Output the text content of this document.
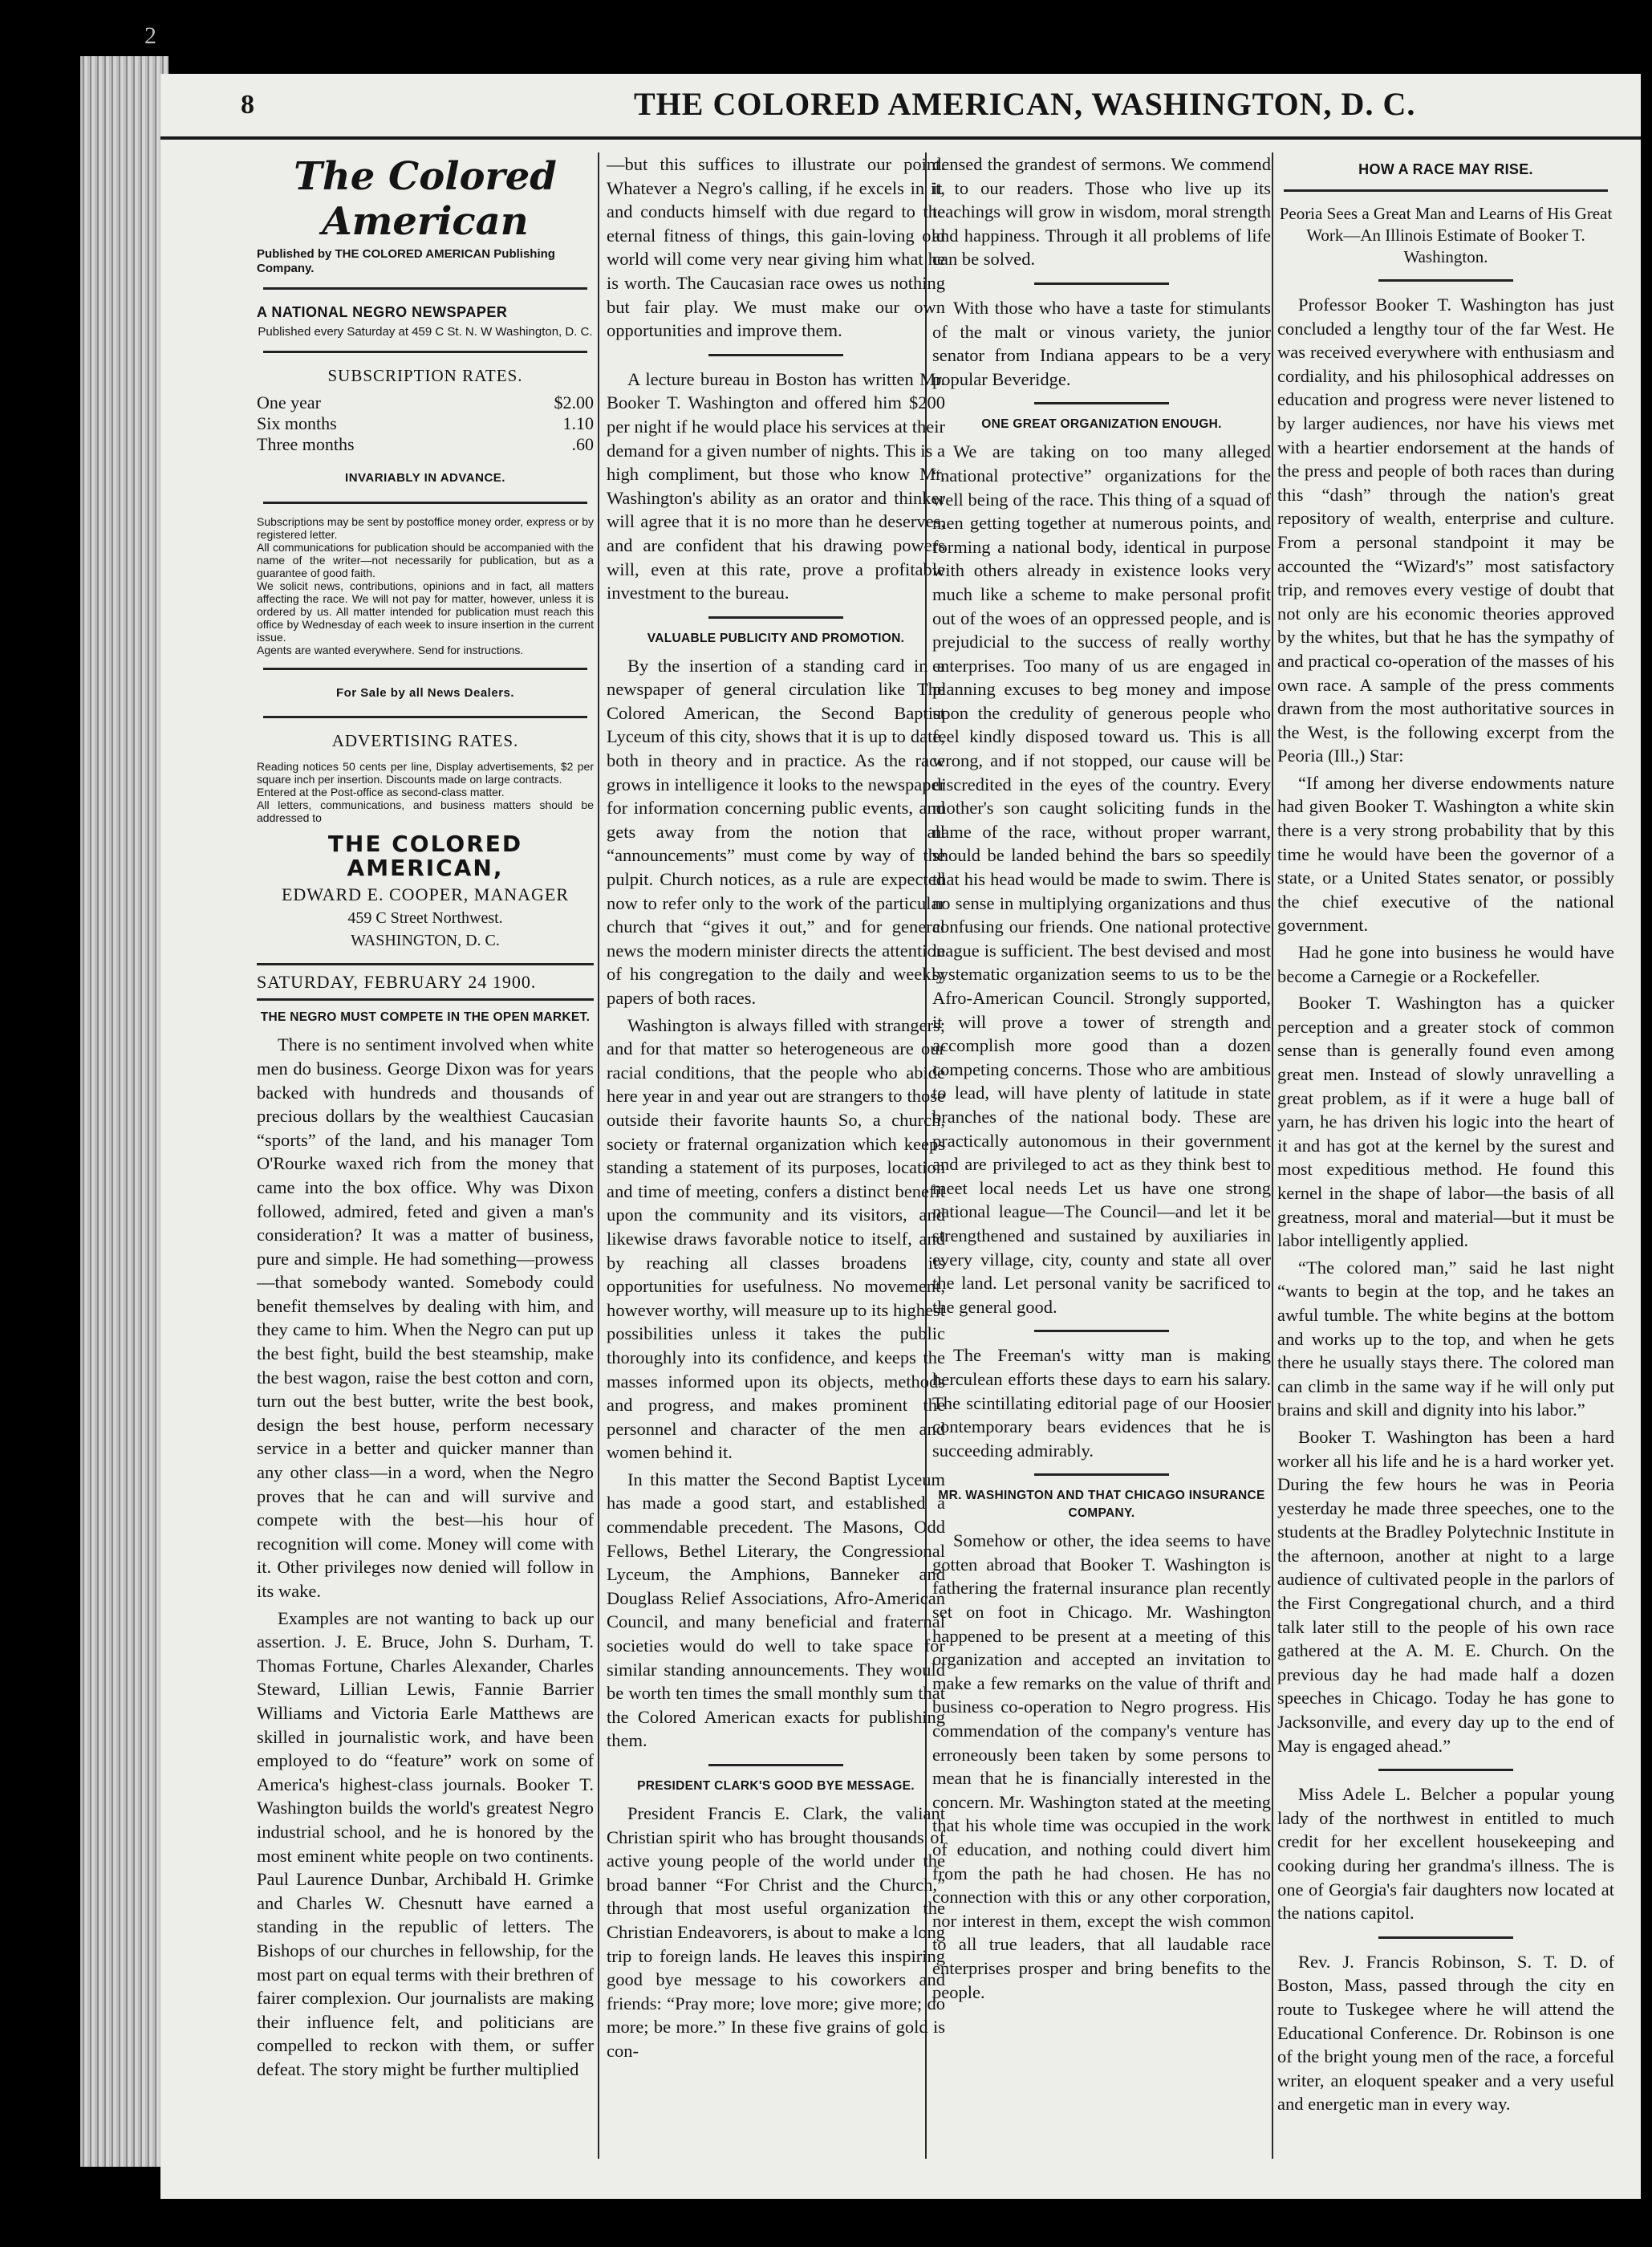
2
8	THE COLORED AMERICAN, WASHINGTON, D. C.
The Colored American
Published by THE COLORED AMERICAN Publishing Company.
A NATIONAL NEGRO NEWSPAPER
Published every Saturday at 459 C St. N. W Washington, D. C.
SUBSCRIPTION RATES.
One year	$2.00
Six months	1.10
Three months	.60
INVARIABLY IN ADVANCE.

Subscriptions may be sent by postoffice money order, express or by registered letter.

All communications for publication should be accompanied with the name of the writer—not necessarily for publication, but as a guarantee of good faith.

We solicit news, contributions, opinions and in fact, all matters affecting the race. We will not pay for matter, however, unless it is ordered by us. All matter intended for publication must reach this office by Wednesday of each week to insure insertion in the current issue.

Agents are wanted everywhere. Send for instructions.

For Sale by all News Dealers.
ADVERTISING RATES.

Reading notices 50 cents per line, Display advertisements, $2 per square inch per insertion. Discounts made on large contracts.

Entered at the Post-office as second-class matter.

All letters, communications, and business matters should be addressed to

THE COLORED AMERICAN,
EDWARD E. COOPER, MANAGER
459 C Street Northwest.
WASHINGTON, D. C.
SATURDAY, FEBRUARY 24 1900.
THE NEGRO MUST COMPETE IN THE OPEN MARKET.

There is no sentiment involved when white men do business. George Dixon was for years backed with hundreds and thousands of precious dollars by the wealthiest Caucasian “sports” of the land, and his manager Tom O'Rourke waxed rich from the money that came into the box office. Why was Dixon followed, admired, feted and given a man's consideration? It was a matter of business, pure and simple. He had something—prowess—that somebody wanted. Somebody could benefit themselves by dealing with him, and they came to him. When the Negro can put up the best fight, build the best steamship, make the best wagon, raise the best cotton and corn, turn out the best butter, write the best book, design the best house, perform necessary service in a better and quicker manner than any other class—in a word, when the Negro proves that he can and will survive and compete with the best—his hour of recognition will come. Money will come with it. Other privileges now denied will follow in its wake.

Examples are not wanting to back up our assertion. J. E. Bruce, John S. Durham, T. Thomas Fortune, Charles Alexander, Charles Steward, Lillian Lewis, Fannie Barrier Williams and Victoria Earle Matthews are skilled in journalistic work, and have been employed to do “feature” work on some of America's highest-class journals. Booker T. Washington builds the world's greatest Negro industrial school, and he is honored by the most eminent white people on two continents. Paul Laurence Dunbar, Archibald H. Grimke and Charles W. Chesnutt have earned a standing in the republic of letters. The Bishops of our churches in fellowship, for the most part on equal terms with their brethren of fairer complexion. Our journalists are making their influence felt, and politicians are compelled to reckon with them, or suffer defeat. The story might be further multiplied

—but this suffices to illustrate our point. Whatever a Negro's calling, if he excels in it, and conducts himself with due regard to the eternal fitness of things, this gain-loving old world will come very near giving him what he is worth. The Caucasian race owes us nothing but fair play. We must make our own opportunities and improve them.

A lecture bureau in Boston has written Mr. Booker T. Washington and offered him $200 per night if he would place his services at their demand for a given number of nights. This is a high compliment, but those who know Mr. Washington's ability as an orator and thinker will agree that it is no more than he deserves, and are confident that his drawing powers will, even at this rate, prove a profitable investment to the bureau.

VALUABLE PUBLICITY AND PROMOTION.

By the insertion of a standing card in a newspaper of general circulation like The Colored American, the Second Baptist Lyceum of this city, shows that it is up to date, both in theory and in practice. As the race grows in intelligence it looks to the newspaper for information concerning public events, and gets away from the notion that all “announcements” must come by way of the pulpit. Church notices, as a rule are expected now to refer only to the work of the particular church that “gives it out,” and for general news the modern minister directs the attention of his congregation to the daily and weekly papers of both races.

Washington is always filled with strangers; and for that matter so heterogeneous are our racial conditions, that the people who abide here year in and year out are strangers to those outside their favorite haunts So, a church, society or fraternal organization which keeps standing a statement of its purposes, location and time of meeting, confers a distinct benefit upon the community and its visitors, and likewise draws favorable notice to itself, and by reaching all classes broadens its opportunities for usefulness. No movement, however worthy, will measure up to its highest possibilities unless it takes the public thoroughly into its confidence, and keeps the masses informed upon its objects, methods and progress, and makes prominent the personnel and character of the men and women behind it.

In this matter the Second Baptist Lyceum has made a good start, and established a commendable precedent. The Masons, Odd Fellows, Bethel Literary, the Congressional Lyceum, the Amphions, Banneker and Douglass Relief Associations, Afro-American Council, and many beneficial and fraternal societies would do well to take space for similar standing announcements. They would be worth ten times the small monthly sum that the Colored American exacts for publishing them.

PRESIDENT CLARK'S GOOD BYE MESSAGE.

President Francis E. Clark, the valiant Christian spirit who has brought thousands of active young people of the world under the broad banner “For Christ and the Church,” through that most useful organization the Christian Endeavorers, is about to make a long trip to foreign lands. He leaves this inspiring good bye message to his coworkers and friends: “Pray more; love more; give more; do more; be more.” In these five grains of gold is con-

densed the grandest of sermons. We commend it to our readers. Those who live up its teachings will grow in wisdom, moral strength and happiness. Through it all problems of life can be solved.

With those who have a taste for stimulants of the malt or vinous variety, the junior senator from Indiana appears to be a very popular Beveridge.

ONE GREAT ORGANIZATION ENOUGH.

We are taking on too many alleged “national protective” organizations for the well being of the race. This thing of a squad of men getting together at numerous points, and forming a national body, identical in purpose with others already in existence looks very much like a scheme to make personal profit out of the woes of an oppressed people, and is prejudicial to the success of really worthy enterprises. Too many of us are engaged in planning excuses to beg money and impose upon the credulity of generous people who feel kindly disposed toward us. This is all wrong, and if not stopped, our cause will be discredited in the eyes of the country. Every mother's son caught soliciting funds in the name of the race, without proper warrant, should be landed behind the bars so speedily that his head would be made to swim. There is no sense in multiplying organizations and thus confusing our friends. One national protective league is sufficient. The best devised and most systematic organization seems to us to be the Afro-American Council. Strongly supported, it will prove a tower of strength and accomplish more good than a dozen competing concerns. Those who are ambitious to lead, will have plenty of latitude in state branches of the national body. These are practically autonomous in their government and are privileged to act as they think best to meet local needs Let us have one strong national league—The Council—and let it be strengthened and sustained by auxiliaries in every village, city, county and state all over the land. Let personal vanity be sacrificed to the general good.

The Freeman's witty man is making herculean efforts these days to earn his salary. The scintillating editorial page of our Hoosier contemporary bears evidences that he is succeeding admirably.

MR. WASHINGTON AND THAT CHICAGO INSURANCE COMPANY.

Somehow or other, the idea seems to have gotten abroad that Booker T. Washington is fathering the fraternal insurance plan recently set on foot in Chicago. Mr. Washington happened to be present at a meeting of this organization and accepted an invitation to make a few remarks on the value of thrift and business co-operation to Negro progress. His commendation of the company's venture has erroneously been taken by some persons to mean that he is financially interested in the concern. Mr. Washington stated at the meeting that his whole time was occupied in the work of education, and nothing could divert him from the path he had chosen. He has no connection with this or any other corporation, nor interest in them, except the wish common to all true leaders, that all laudable race enterprises prosper and bring benefits to the people.

HOW A RACE MAY RISE.

Peoria Sees a Great Man and Learns of His Great Work—An Illinois Estimate of Booker T. Washington.

Professor Booker T. Washington has just concluded a lengthy tour of the far West. He was received everywhere with enthusiasm and cordiality, and his philosophical addresses on education and progress were never listened to by larger audiences, nor have his views met with a heartier endorsement at the hands of the press and people of both races than during this “dash” through the nation's great repository of wealth, enterprise and culture. From a personal standpoint it may be accounted the “Wizard's” most satisfactory trip, and removes every vestige of doubt that not only are his economic theories approved by the whites, but that he has the sympathy of and practical co-operation of the masses of his own race. A sample of the press comments drawn from the most authoritative sources in the West, is the following excerpt from the Peoria (Ill.,) Star:

“If among her diverse endowments nature had given Booker T. Washington a white skin there is a very strong probability that by this time he would have been the governor of a state, or a United States senator, or possibly the chief executive of the national government.

Had he gone into business he would have become a Carnegie or a Rockefeller.

Booker T. Washington has a quicker perception and a greater stock of common sense than is generally found even among great men. Instead of slowly unravelling a great problem, as if it were a huge ball of yarn, he has driven his logic into the heart of it and has got at the kernel by the surest and most expeditious method. He found this kernel in the shape of labor—the basis of all greatness, moral and material—but it must be labor intelligently applied.

“The colored man,” said he last night “wants to begin at the top, and he takes an awful tumble. The white begins at the bottom and works up to the top, and when he gets there he usually stays there. The colored man can climb in the same way if he will only put brains and skill and dignity into his labor.”

Booker T. Washington has been a hard worker all his life and he is a hard worker yet. During the few hours he was in Peoria yesterday he made three speeches, one to the students at the Bradley Polytechnic Institute in the afternoon, another at night to a large audience of cultivated people in the parlors of the First Congregational church, and a third talk later still to the people of his own race gathered at the A. M. E. Church. On the previous day he had made half a dozen speeches in Chicago. Today he has gone to Jacksonville, and every day up to the end of May is engaged ahead.”

Miss Adele L. Belcher a popular young lady of the northwest in entitled to much credit for her excellent housekeeping and cooking during her grandma's illness. The is one of Georgia's fair daughters now located at the nations capitol.

Rev. J. Francis Robinson, S. T. D. of Boston, Mass, passed through the city en route to Tuskegee where he will attend the Educational Conference. Dr. Robinson is one of the bright young men of the race, a forceful writer, an eloquent speaker and a very useful and energetic man in every way.
